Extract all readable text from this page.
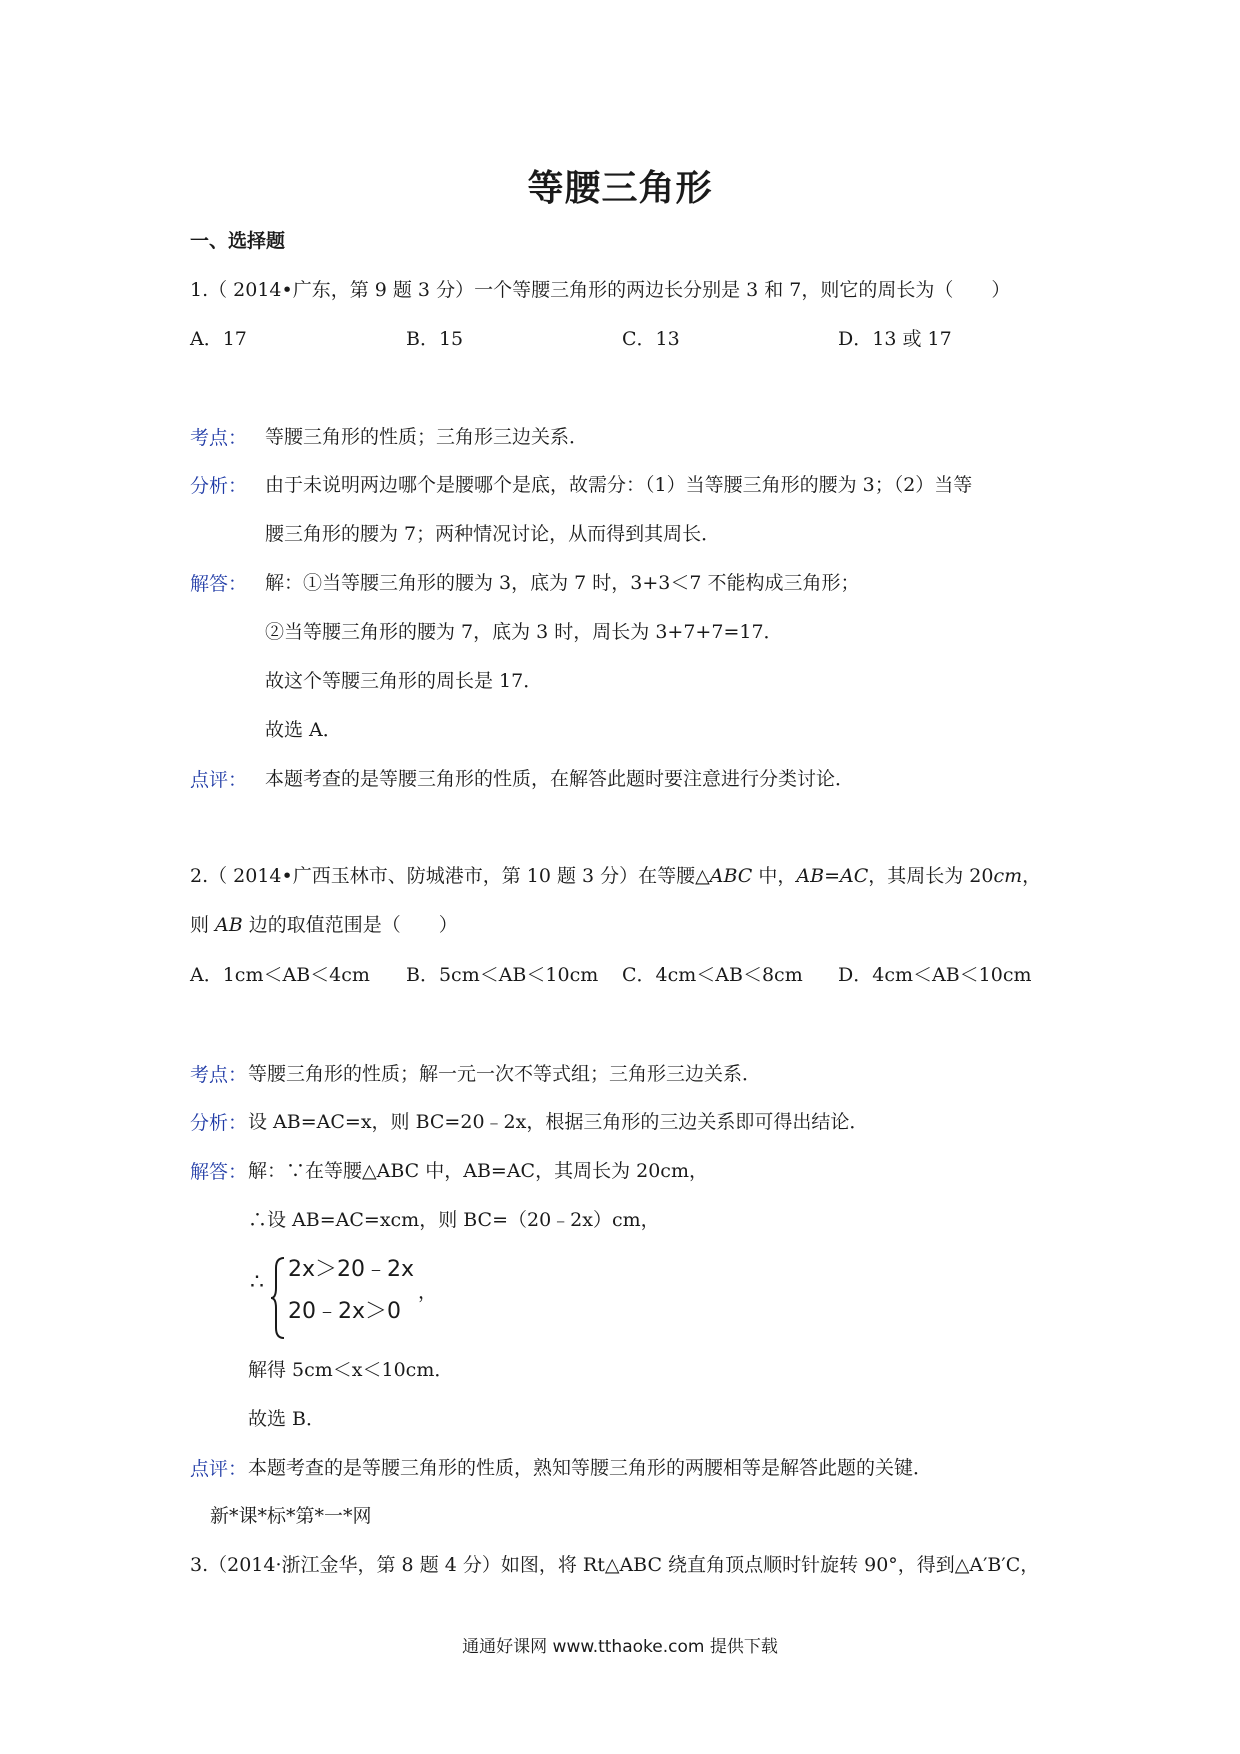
等腰三角形
一、选择题
1.（ 2014•广东，第 9 题 3 分）一个等腰三角形的两边长分别是 3 和 7，则它的周长为（　　）
A．17	B．15	C．13	D．13 或 17
考点： 等腰三角形的性质；三角形三边关系．
分析： 由于未说明两边哪个是腰哪个是底，故需分：（1）当等腰三角形的腰为 3；（2）当等
腰三角形的腰为 7；两种情况讨论，从而得到其周长．
解答： 解：①当等腰三角形的腰为 3，底为 7 时，3+3＜7 不能构成三角形；
②当等腰三角形的腰为 7，底为 3 时，周长为 3+7+7=17．
故这个等腰三角形的周长是 17．
故选 A．
点评： 本题考查的是等腰三角形的性质，在解答此题时要注意进行分类讨论．
2.（ 2014•广西玉林市、防城港市，第 10 题 3 分）在等腰△ABC 中，AB=AC，其周长为 20cm，
则 AB 边的取值范围是（　　）
A．1cm＜AB＜4cm B．5cm＜AB＜10cm C．4cm＜AB＜8cm D．4cm＜AB＜10cm
考点： 等腰三角形的性质；解一元一次不等式组；三角形三边关系．
分析： 设 AB=AC=x，则 BC=20﹣2x，根据三角形的三边关系即可得出结论．
解答： 解：∵在等腰△ABC 中，AB=AC，其周长为 20cm，
∴设 AB=AC=xcm，则 BC=（20﹣2x）cm，
∴
2x＞20﹣2x
20﹣2x＞0
，
解得 5cm＜x＜10cm．
故选 B．
点评： 本题考查的是等腰三角形的性质，熟知等腰三角形的两腰相等是解答此题的关键．
新*课*标*第*一*网
3.（2014·浙江金华，第 8 题 4 分）如图，将 Rt△ABC 绕直角顶点顺时针旋转 90°，得到△A′B′C，
通通好课网 www.tthaoke.com 提供下载
